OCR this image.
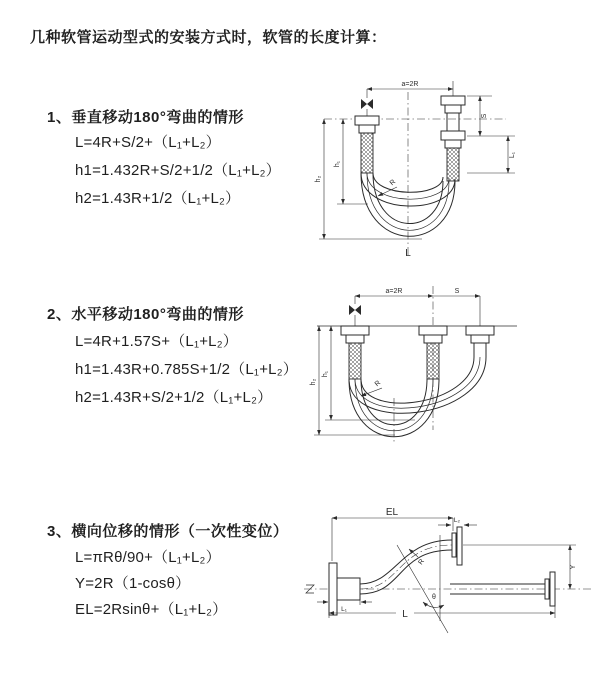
几种软管运动型式的安装方式时，软管的长度计算：
1、垂直移动180°弯曲的情形
L=4R+S/2+（L₁+L₂）
h1=1.432R+S/2+1/2（L₁+L₂）
h2=1.43R+1/2（L₁+L₂）
2、水平移动180°弯曲的情形
L=4R+1.57S+（L₁+L₂）
h1=1.43R+0.785S+1/2（L₁+L₂）
h2=1.43R+S/2+1/2（L₁+L₂）
3、横向位移的情形（一次性变位）
L=πRθ/90+（L₁+L₂）
Y=2R（1-cosθ）
EL=2Rsinθ+（L₁+L₂）
a=2R
h₂
h₁
S
L₁
R
L
a=2R	S
h₂
h₁
R
EL
L₂
θ
R
Y
L
L₁
